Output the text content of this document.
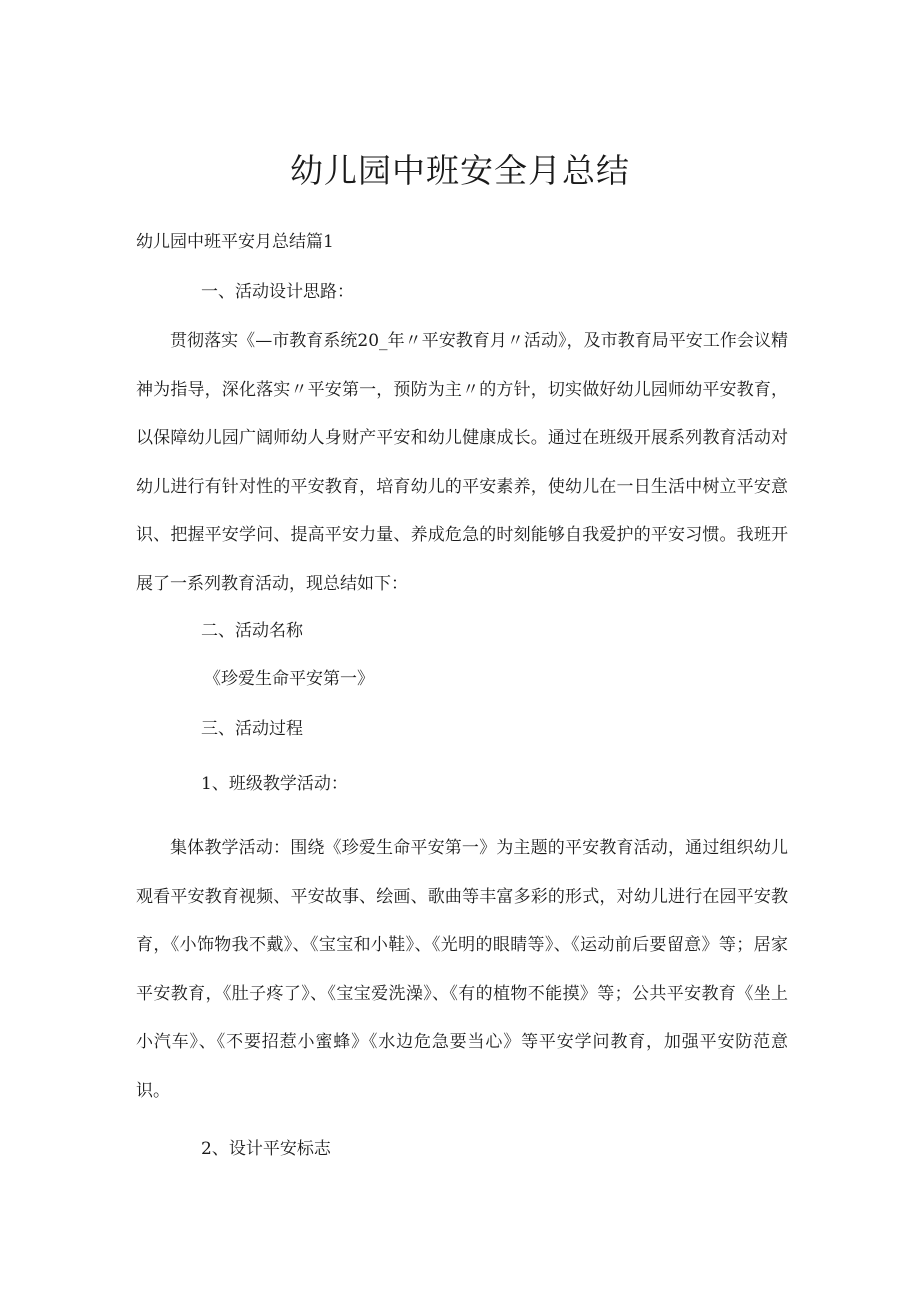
幼儿园中班安全月总结
幼儿园中班平安月总结篇1
一、活动设计思路：
贯彻落实《—市教育系统20_年〃平安教育月〃活动》，及市教育局平安工作会议精神为指导，深化落实〃平安第一，预防为主〃的方针，切实做好幼儿园师幼平安教育，以保障幼儿园广阔师幼人身财产平安和幼儿健康成长。通过在班级开展系列教育活动对幼儿进行有针对性的平安教育，培育幼儿的平安素养，使幼儿在一日生活中树立平安意识、把握平安学问、提高平安力量、养成危急的时刻能够自我爱护的平安习惯。我班开展了一系列教育活动，现总结如下：
二、活动名称
《珍爱生命平安第一》
三、活动过程
1、班级教学活动：
集体教学活动：围绕《珍爱生命平安第一》为主题的平安教育活动，通过组织幼儿观看平安教育视频、平安故事、绘画、歌曲等丰富多彩的形式，对幼儿进行在园平安教育，《小饰物我不戴》、《宝宝和小鞋》、《光明的眼睛等》、《运动前后要留意》等；居家平安教育，《肚子疼了》、《宝宝爱洗澡》、《有的植物不能摸》等；公共平安教育《坐上小汽车》、《不要招惹小蜜蜂》《水边危急要当心》等平安学问教育，加强平安防范意识。
2、设计平安标志
